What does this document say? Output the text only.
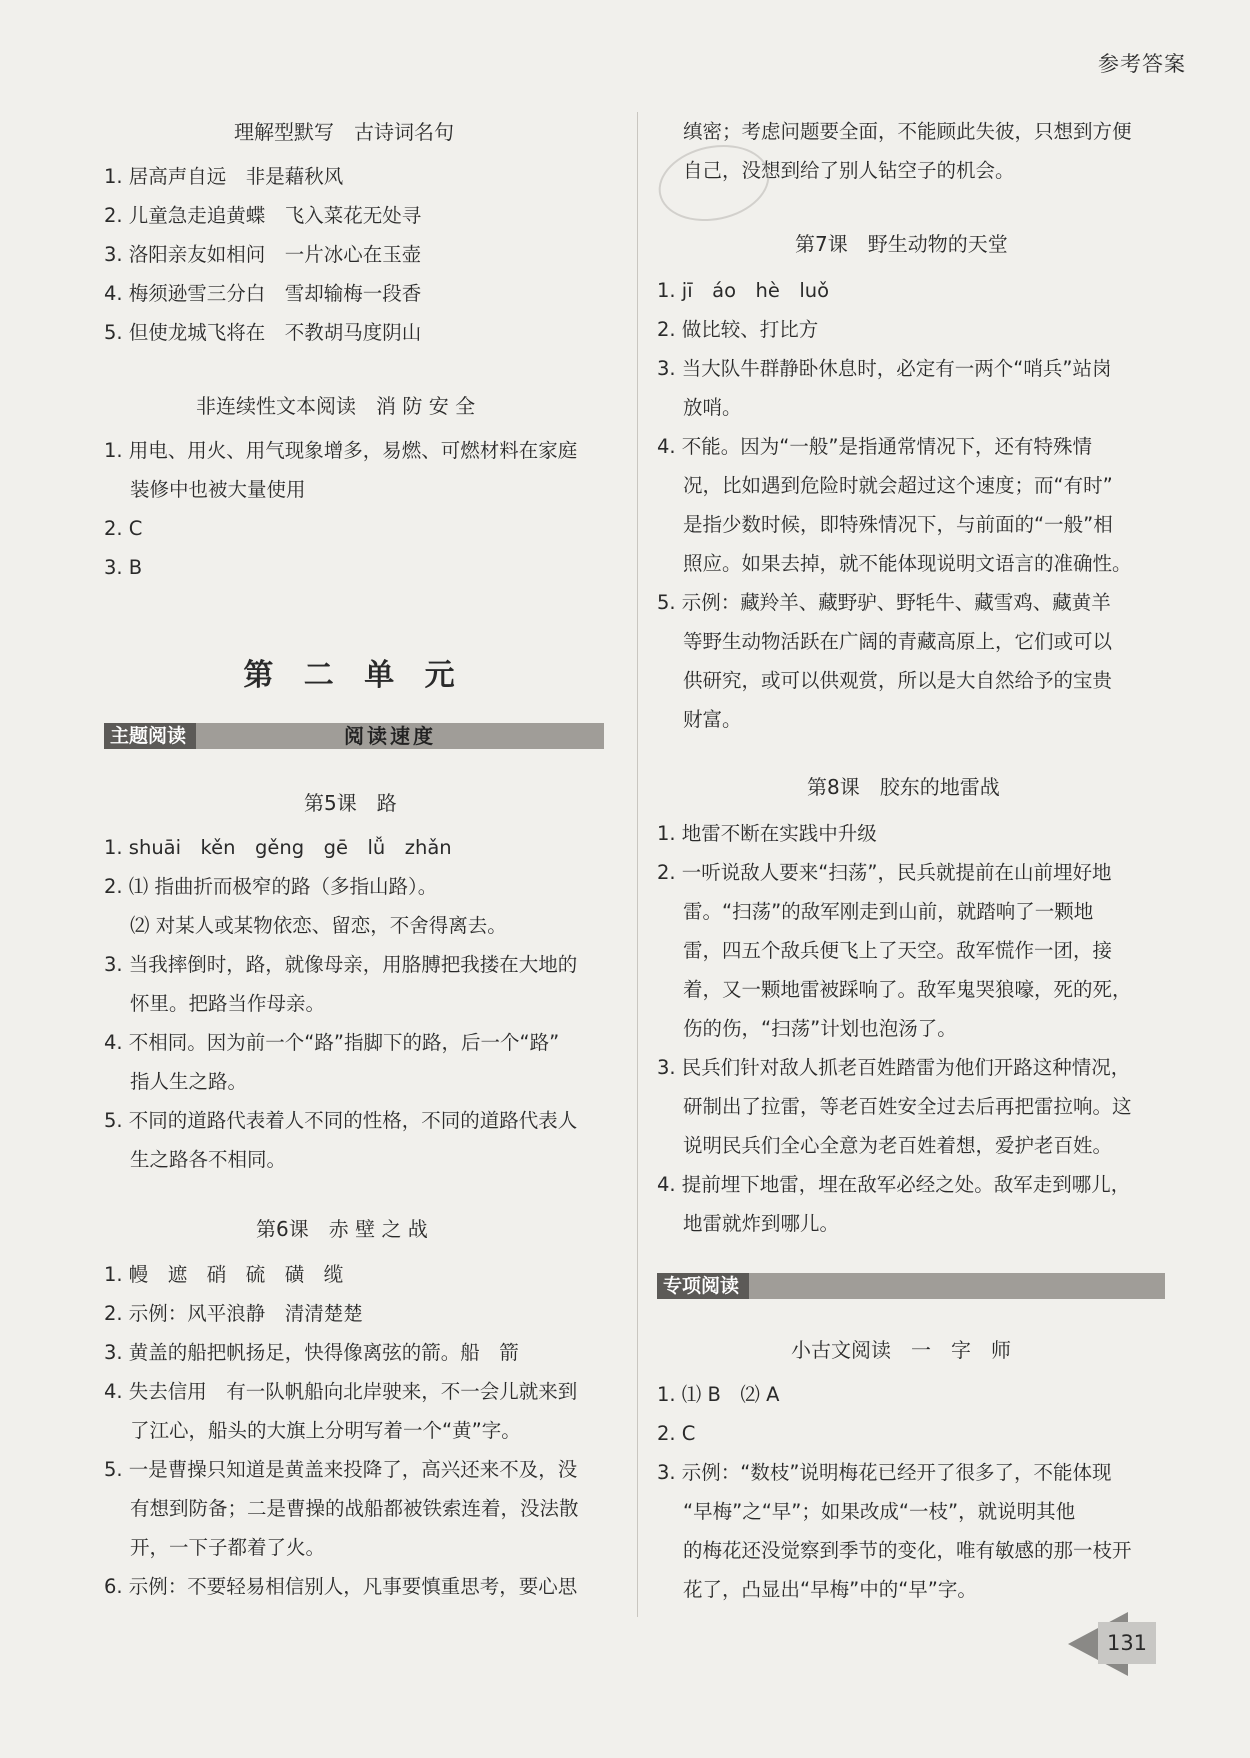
参考答案
理解型默写　古诗词名句
1. 居高声自远　非是藉秋风
2. 儿童急走追黄蝶　飞入菜花无处寻
3. 洛阳亲友如相问　一片冰心在玉壶
4. 梅须逊雪三分白　雪却输梅一段香
5. 但使龙城飞将在　不教胡马度阴山
非连续性文本阅读　消 防 安 全
1. 用电、用火、用气现象增多，易燃、可燃材料在家庭
装修中也被大量使用
2. C
3. B
第 二 单 元
主题阅读	阅读速度
第5课　路
1. shuāi　kěn　gěng　gē　lǚ　zhǎn
2. ⑴ 指曲折而极窄的路（多指山路）。
⑵ 对某人或某物依恋、留恋，不舍得离去。
3. 当我摔倒时，路，就像母亲，用胳膊把我搂在大地的
怀里。把路当作母亲。
4. 不相同。因为前一个“路”指脚下的路，后一个“路”
指人生之路。
5. 不同的道路代表着人不同的性格，不同的道路代表人
生之路各不相同。
第6课　赤 壁 之 战
1. 幔　遮　硝　硫　磺　缆
2. 示例：风平浪静　清清楚楚
3. 黄盖的船把帆扬足，快得像离弦的箭。船　箭
4. 失去信用　有一队帆船向北岸驶来，不一会儿就来到
了江心，船头的大旗上分明写着一个“黄”字。
5. 一是曹操只知道是黄盖来投降了，高兴还来不及，没
有想到防备；二是曹操的战船都被铁索连着，没法散
开，一下子都着了火。
6. 示例：不要轻易相信别人，凡事要慎重思考，要心思
缜密；考虑问题要全面，不能顾此失彼，只想到方便
自己，没想到给了别人钻空子的机会。
第7课　野生动物的天堂
1. jī　áo　hè　luǒ
2. 做比较、打比方
3. 当大队牛群静卧休息时，必定有一两个“哨兵”站岗
放哨。
4. 不能。因为“一般”是指通常情况下，还有特殊情
况，比如遇到危险时就会超过这个速度；而“有时”
是指少数时候，即特殊情况下，与前面的“一般”相
照应。如果去掉，就不能体现说明文语言的准确性。
5. 示例：藏羚羊、藏野驴、野牦牛、藏雪鸡、藏黄羊
等野生动物活跃在广阔的青藏高原上，它们或可以
供研究，或可以供观赏，所以是大自然给予的宝贵
财富。
第8课　胶东的地雷战
1. 地雷不断在实践中升级
2. 一听说敌人要来“扫荡”，民兵就提前在山前埋好地
雷。“扫荡”的敌军刚走到山前，就踏响了一颗地
雷，四五个敌兵便飞上了天空。敌军慌作一团，接
着，又一颗地雷被踩响了。敌军鬼哭狼嚎，死的死，
伤的伤，“扫荡”计划也泡汤了。
3. 民兵们针对敌人抓老百姓踏雷为他们开路这种情况，
研制出了拉雷，等老百姓安全过去后再把雷拉响。这
说明民兵们全心全意为老百姓着想，爱护老百姓。
4. 提前埋下地雷，埋在敌军必经之处。敌军走到哪儿，
地雷就炸到哪儿。
专项阅读
小古文阅读　一　字　师
1. ⑴ B　⑵ A
2. C
3. 示例：“数枝”说明梅花已经开了很多了，不能体现
“早梅”之“早”；如果改成“一枝”，就说明其他
的梅花还没觉察到季节的变化，唯有敏感的那一枝开
花了，凸显出“早梅”中的“早”字。
131
